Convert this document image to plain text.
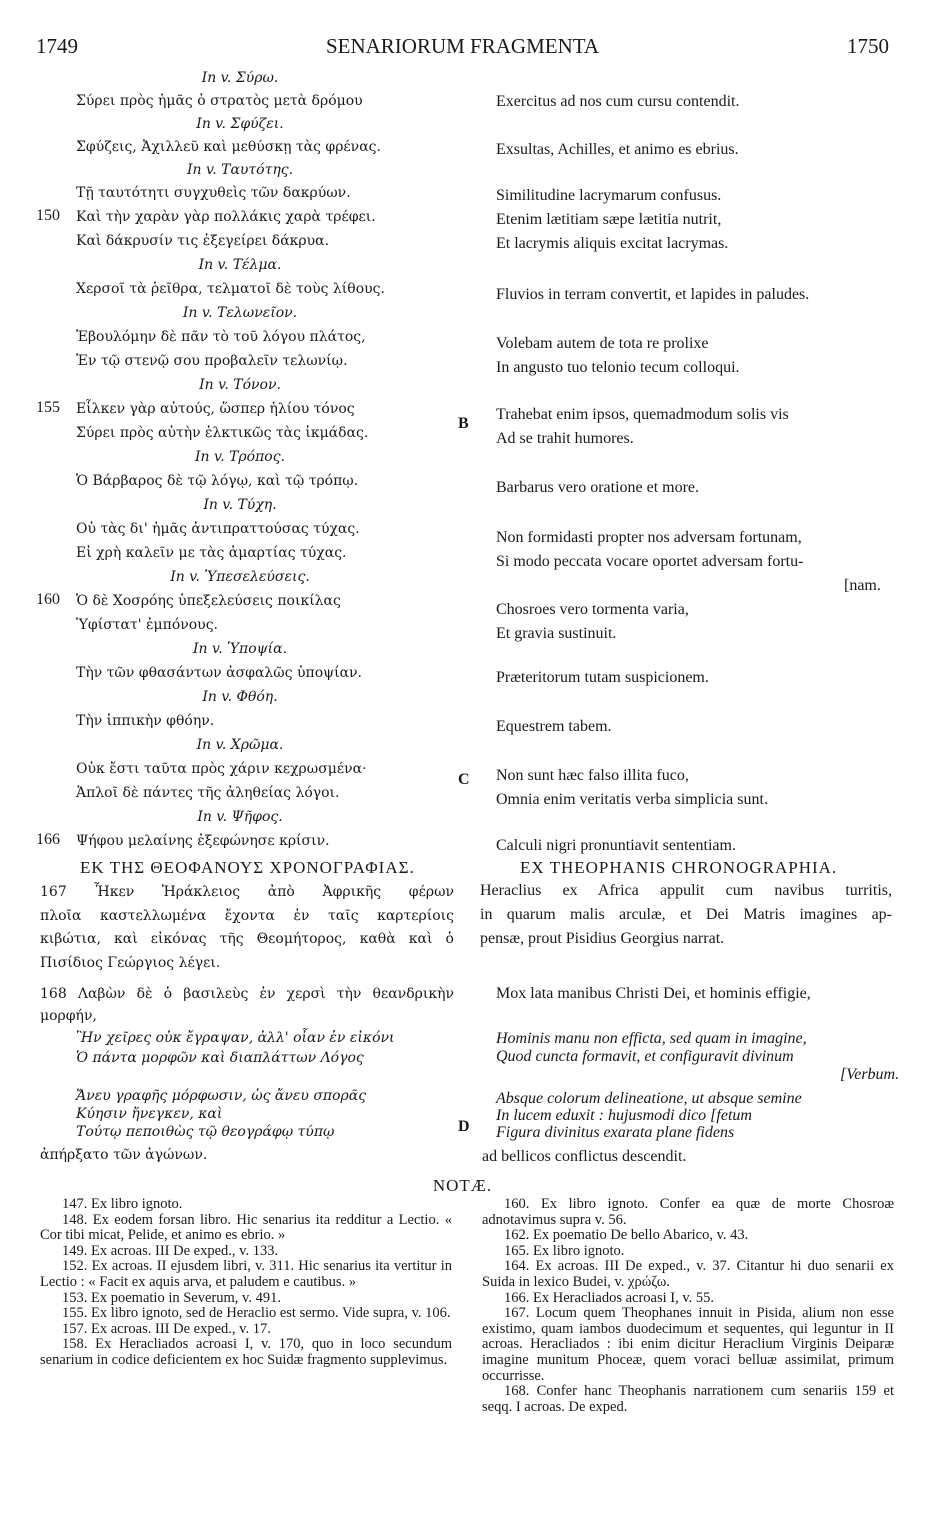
1749	SENARIORUM FRAGMENTA	1750
In v. Σύρω.
Σύρει πρὸς ἡμᾶς ὁ στρατὸς μετὰ δρόμου
In v. Σφύζει.
Σφύζεις, Ἀχιλλεῦ καὶ μεθύσκῃ τὰς φρένας.
In v. Ταυτότης.
Τῇ ταυτότητι συγχυθεὶς τῶν δακρύων.
150 Καὶ τὴν χαρὰν γὰρ πολλάκις χαρὰ τρέφει.
Καὶ δάκρυσίν τις ἐξεγείρει δάκρυα.
In v. Τέλμα.
Χερσοῖ τὰ ῥεῖθρα, τελματοῖ δὲ τοὺς λίθους.
In v. Τελωνεῖον.
Ἐβουλόμην δὲ πᾶν τὸ τοῦ λόγου πλάτος,
Ἐν τῷ στενῷ σου προβαλεῖν τελωνίῳ.
In v. Τόνον.
155 Εἷλκεν γὰρ αὐτούς, ὥσπερ ἡλίου τόνος
Σύρει πρὸς αὐτὴν ἑλκτικῶς τὰς ἰκμάδας.
In v. Τρόπος.
Ὁ Βάρβαρος δὲ τῷ λόγῳ, καὶ τῷ τρόπῳ.
In v. Τύχη.
Οὐ τὰς δι' ἡμᾶς ἀντιπραττούσας τύχας.
Εἰ χρὴ καλεῖν με τὰς ἁμαρτίας τύχας.
In v. Ὑπεσελεύσεις.
160 Ὁ δὲ Χοσρόης ὑπεξελεύσεις ποικίλας
Ὑφίστατ' ἐμπόνους.
In v. Ὑποψία.
Τὴν τῶν φθασάντων ἀσφαλῶς ὑποψίαν.
In v. Φθόη.
Τὴν ἱππικὴν φθόην.
In v. Χρῶμα.
Οὐκ ἔστι ταῦτα πρὸς χάριν κεχρωσμένα·
Ἁπλοῖ δὲ πάντες τῆς ἀληθείας λόγοι.
In v. Ψῆφος.
166 Ψήφου μελαίνης ἐξεφώνησε κρίσιν.
Exercitus ad nos cum cursu contendit.
Exsultas, Achilles, et animo es ebrius.
Similitudine lacrymarum confusus.
Etenim lætitiam sæpe lætitia nutrit,
Et lacrymis aliquis excitat lacrymas.
Fluvios in terram convertit, et lapides in paludes.
Volebam autem de tota re prolixe
In angusto tuo telonio tecum colloqui.
Trahebat enim ipsos, quemadmodum solis vis
Ad se trahit humores.
Barbarus vero oratione et more.
Non formidasti propter nos adversam fortunam,
Si modo peccata vocare oportet adversam fortu-
[nam.
Chosroes vero tormenta varia,
Et gravia sustinuit.
Præteritorum tutam suspicionem.
Equestrem tabem.
Non sunt hæc falso illita fuco,
Omnia enim veritatis verba simplicia sunt.
Calculi nigri pronuntiavit sententiam.
B
C
D
ΕΚ ΤΗΣ ΘΕΟΦΑΝΟΥΣ ΧΡΟΝΟΓΡΑΦΙΑΣ.	EX THEOPHANIS CHRONOGRAPHIA.
167 Ἧκεν Ἡράκλειος ἀπὸ Ἀφρικῆς φέρων
πλοῖα καστελλωμένα ἔχοντα ἐν ταῖς καρτερίοις
κιβώτια, καὶ εἰκόνας τῆς Θεομήτορος, καθὰ καὶ ὁ
Πισίδιος Γεώργιος λέγει.
Heraclius ex Africa appulit cum navibus turritis,
in quarum malis arculæ, et Dei Matris imagines ap-
pensæ, prout Pisidius Georgius narrat.
168 Λαβὼν δὲ ὁ βασιλεὺς ἐν χερσὶ τὴν θεανδρικὴν
μορφήν,
Mox lata manibus Christi Dei, et hominis effigie,
Ἣν χεῖρες οὐκ ἔγραψαν, ἀλλ' οἷαν ἐν εἰκόνι
Ὁ πάντα μορφῶν καὶ διαπλάττων Λόγος
Hominis manu non efficta, sed quam in imagine,
Quod cuncta formavit, et configuravit divinum
[Verbum.
Ἄνευ γραφῆς μόρφωσιν, ὡς ἄνευ σπορᾶς
Κύησιν ἤνεγκεν, καὶ
Τούτῳ πεποιθὼς τῷ θεογράφῳ τύπῳ
Absque colorum delineatione, ut absque semine
In lucem eduxit : hujusmodi dico [fetum
Figura divinitus exarata plane fidens
ἀπήρξατο τῶν ἀγώνων.	ad bellicos conflictus descendit.
NOTÆ.

147. Ex libro ignoto.

148. Ex eodem forsan libro. Hic senarius ita redditur a Lectio. « Cor tibi micat, Pelide, et animo es ebrio. »

149. Ex acroas. III De exped., v. 133.

152. Ex acroas. II ejusdem libri, v. 311. Hic senarius ita vertitur in Lectio : « Facit ex aquis arva, et paludem e cautibus. »

153. Ex poematio in Severum, v. 491.

155. Ex libro ignoto, sed de Heraclio est sermo. Vide supra, v. 106.

157. Ex acroas. III De exped., v. 17.

158. Ex Heracliados acroasi I, v. 170, quo in loco secundum senarium in codice deficientem ex hoc Suidæ fragmento supplevimus.

160. Ex libro ignoto. Confer ea quæ de morte Chosroæ adnotavimus supra v. 56.

162. Ex poematio De bello Abarico, v. 43.

165. Ex libro ignoto.

164. Ex acroas. III De exped., v. 37. Citantur hi duo senarii ex Suida in lexico Budei, v. χρώζω.

166. Ex Heracliados acroasi I, v. 55.

167. Locum quem Theophanes innuit in Pisida, alium non esse existimo, quam iambos duodecimum et sequentes, qui leguntur in II acroas. Heracliados : ibi enim dicitur Heraclium Virginis Deiparæ imagine munitum Phoceæ, quem voraci belluæ assimilat, primum occurrisse.

168. Confer hanc Theophanis narrationem cum senariis 159 et seqq. I acroas. De exped.
